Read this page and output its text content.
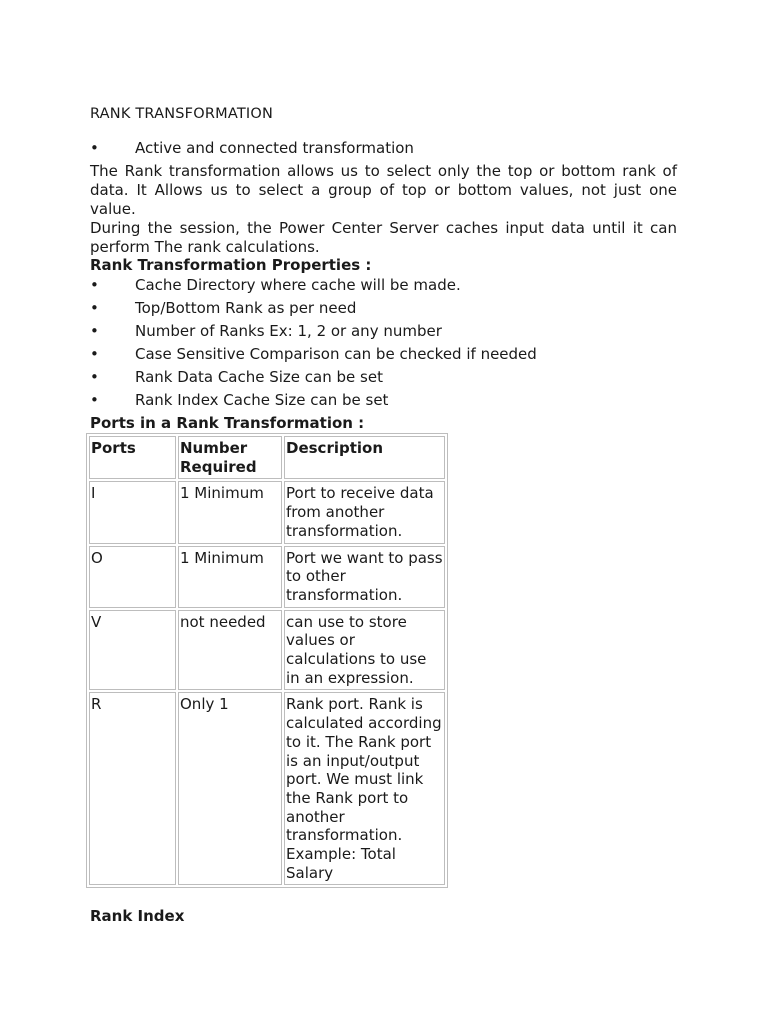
RANK TRANSFORMATION
• Active and connected transformation
The Rank transformation allows us to select only the top or bottom rank of data. It Allows us to select a group of top or bottom values, not just one value.
During the session, the Power Center Server caches input data until it can perform The rank calculations.
Rank Transformation Properties :
• Cache Directory where cache will be made.
• Top/Bottom Rank as per need
• Number of Ranks Ex: 1, 2 or any number
• Case Sensitive Comparison can be checked if needed
• Rank Data Cache Size can be set
• Rank Index Cache Size can be set
Ports in a Rank Transformation :
Ports	Number Required	Description
I	1 Minimum	Port to receive data from another transformation.
O	1 Minimum	Port we want to pass to other transformation.
V	not needed	can use to store values or calculations to use in an expression.
R	Only 1	Rank port. Rank is calculated according to it. The Rank port is an input/output port. We must link the Rank port to another transformation. Example: Total Salary
Rank Index
